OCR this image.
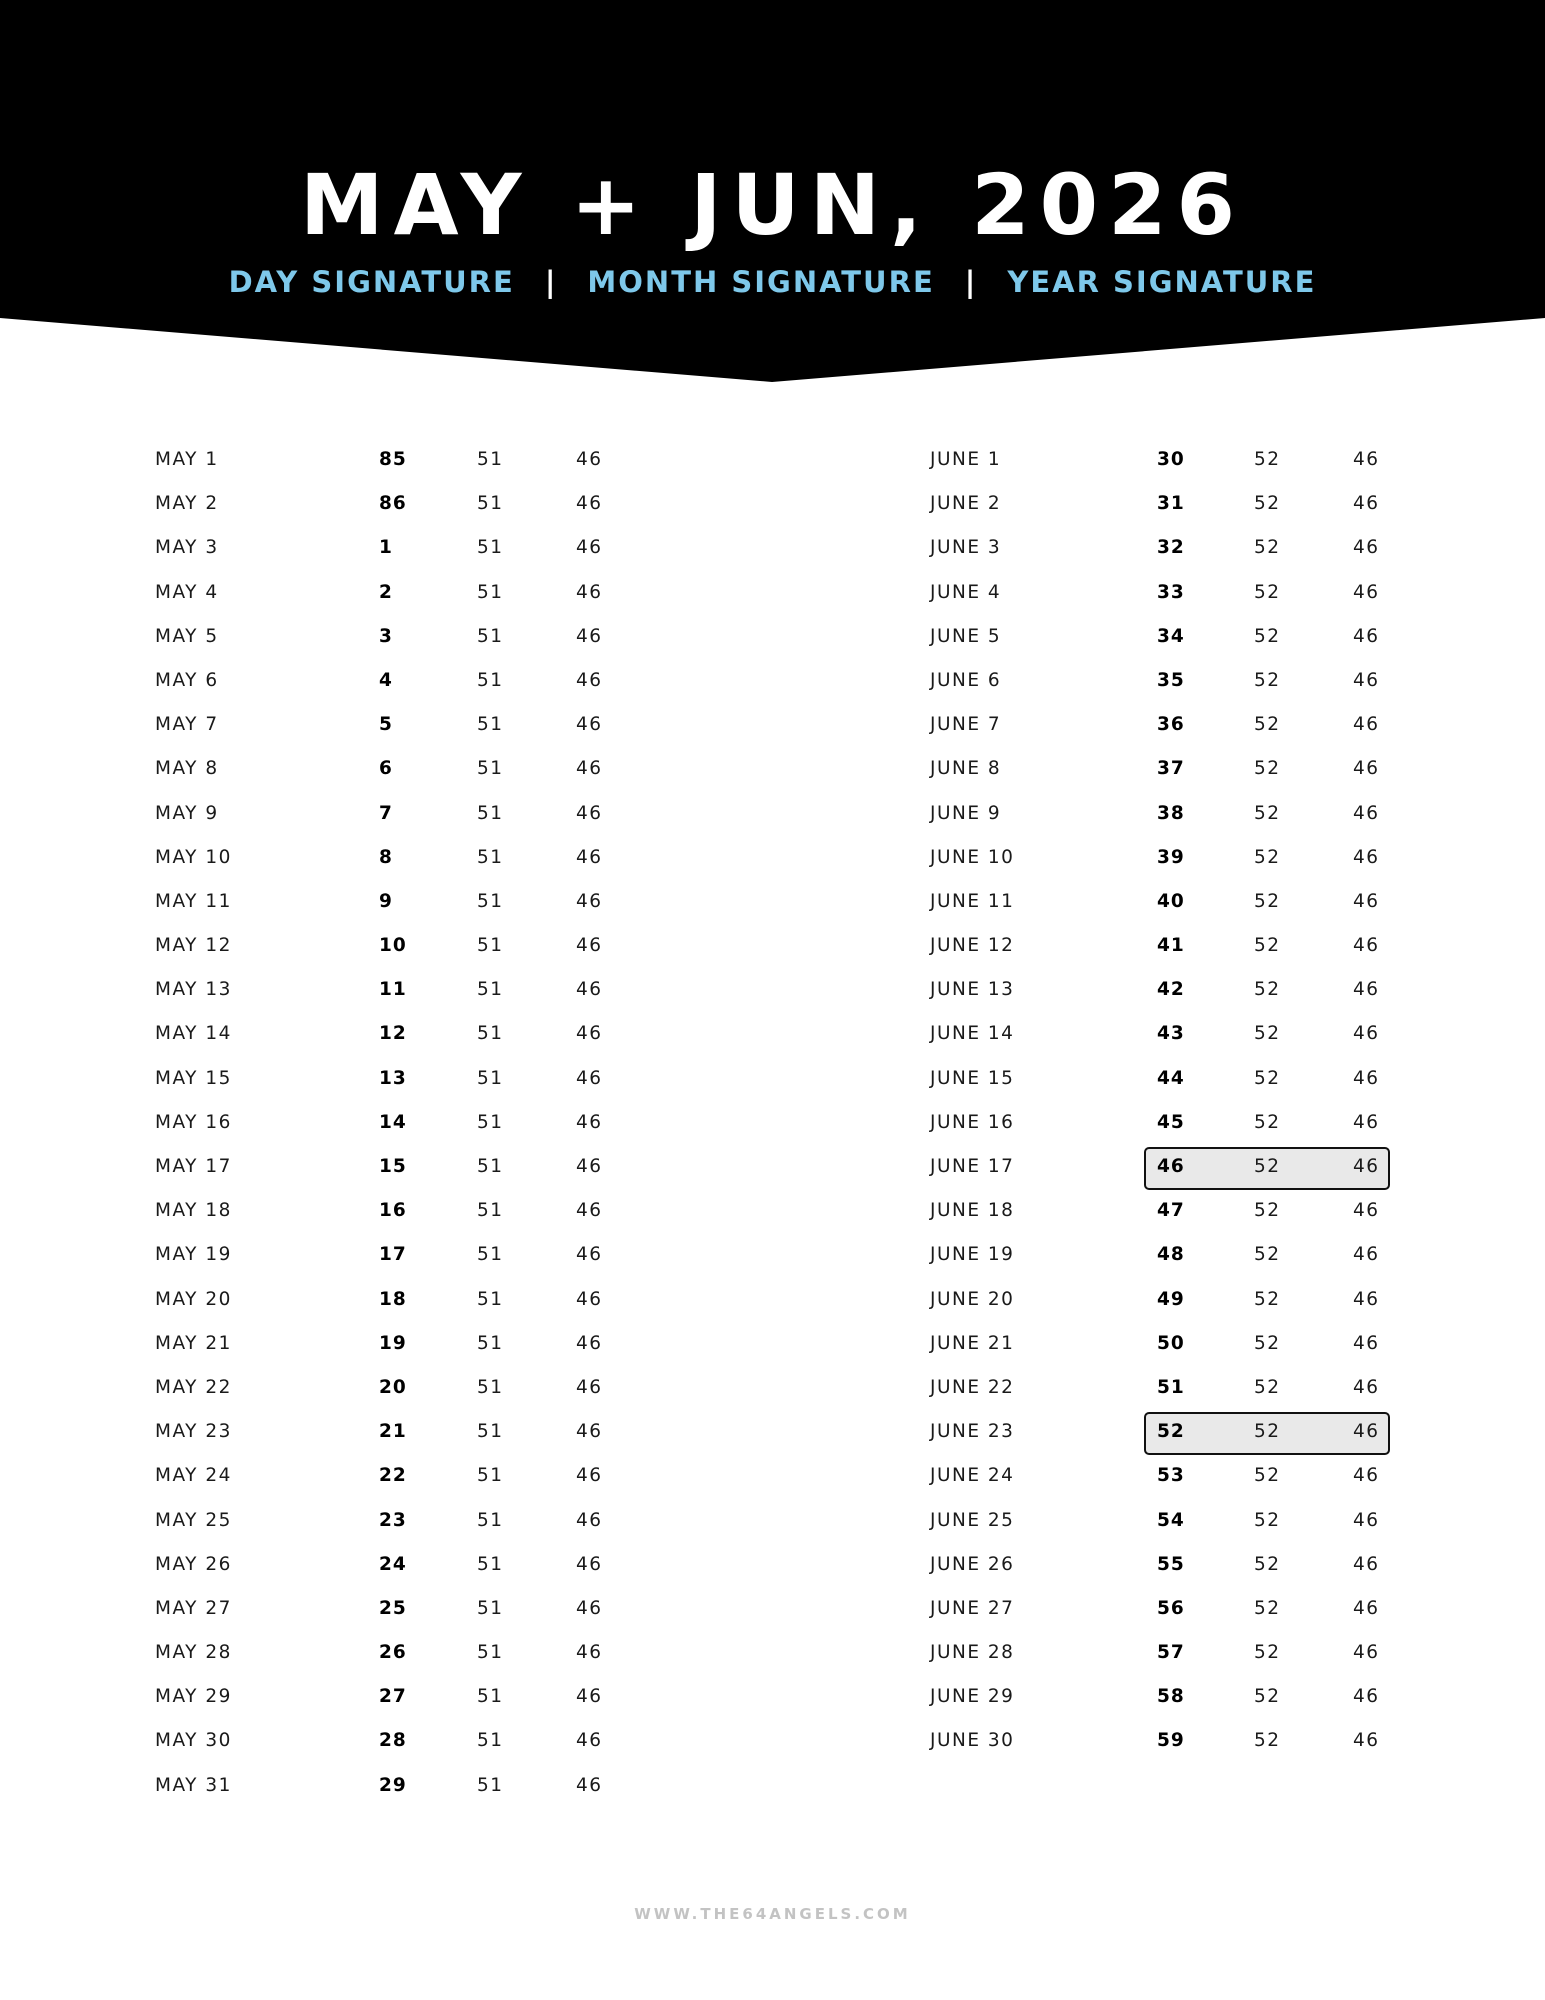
MAY + JUN, 2026
DAY SIGNATURE | MONTH SIGNATURE | YEAR SIGNATURE
MAY 1	85	51	46
MAY 2	86	51	46
MAY 3	1	51	46
MAY 4	2	51	46
MAY 5	3	51	46
MAY 6	4	51	46
MAY 7	5	51	46
MAY 8	6	51	46
MAY 9	7	51	46
MAY 10	8	51	46
MAY 11	9	51	46
MAY 12	10	51	46
MAY 13	11	51	46
MAY 14	12	51	46
MAY 15	13	51	46
MAY 16	14	51	46
MAY 17	15	51	46
MAY 18	16	51	46
MAY 19	17	51	46
MAY 20	18	51	46
MAY 21	19	51	46
MAY 22	20	51	46
MAY 23	21	51	46
MAY 24	22	51	46
MAY 25	23	51	46
MAY 26	24	51	46
MAY 27	25	51	46
MAY 28	26	51	46
MAY 29	27	51	46
MAY 30	28	51	46
MAY 31	29	51	46
JUNE 1	30	52	46
JUNE 2	31	52	46
JUNE 3	32	52	46
JUNE 4	33	52	46
JUNE 5	34	52	46
JUNE 6	35	52	46
JUNE 7	36	52	46
JUNE 8	37	52	46
JUNE 9	38	52	46
JUNE 10	39	52	46
JUNE 11	40	52	46
JUNE 12	41	52	46
JUNE 13	42	52	46
JUNE 14	43	52	46
JUNE 15	44	52	46
JUNE 16	45	52	46
JUNE 17	46	52	46
JUNE 18	47	52	46
JUNE 19	48	52	46
JUNE 20	49	52	46
JUNE 21	50	52	46
JUNE 22	51	52	46
JUNE 23	52	52	46
JUNE 24	53	52	46
JUNE 25	54	52	46
JUNE 26	55	52	46
JUNE 27	56	52	46
JUNE 28	57	52	46
JUNE 29	58	52	46
JUNE 30	59	52	46
WWW.THE64ANGELS.COM
